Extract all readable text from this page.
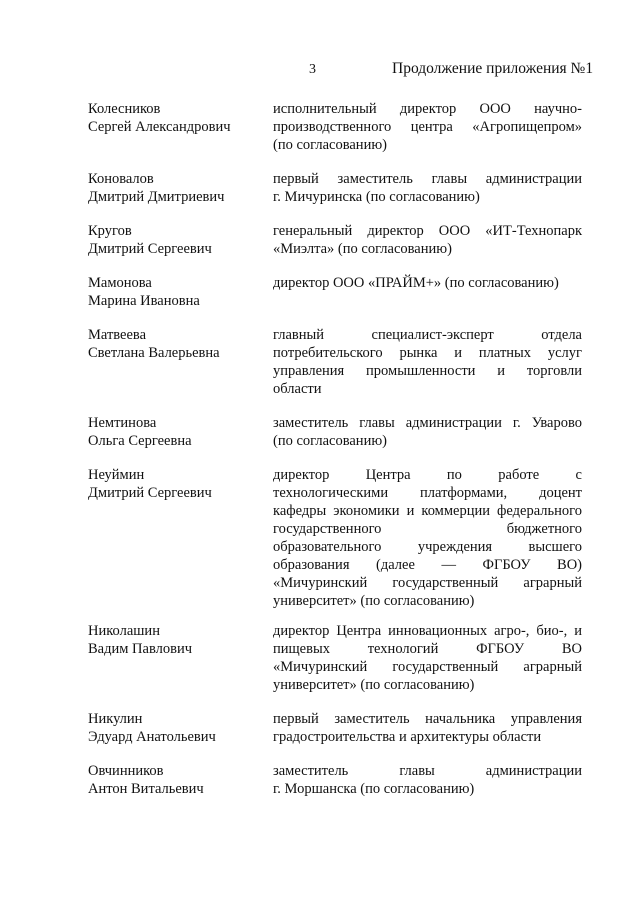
3	Продолжение приложения №1
Колесников
Сергей Александрович
исполнительный директор ООО научно-
производственного центра «Агропищепром»
(по согласованию)
Коновалов
Дмитрий Дмитриевич
первый заместитель главы администрации
г. Мичуринска (по согласованию)
Кругов
Дмитрий Сергеевич
генеральный директор ООО «ИТ-Технопарк
«Миэлта» (по согласованию)
Мамонова
Марина Ивановна
директор ООО «ПРАЙМ+» (по согласованию)
Матвеева
Светлана Валерьевна
главный специалист-эксперт отдела
потребительского рынка и платных услуг
управления промышленности и торговли
области
Немтинова
Ольга Сергеевна
заместитель главы администрации г. Уварово
(по согласованию)
Неуймин
Дмитрий Сергеевич
директор Центра по работе с
технологическими платформами, доцент
кафедры экономики и коммерции федерального
государственного бюджетного
образовательного учреждения высшего
образования (далее — ФГБОУ ВО)
«Мичуринский государственный аграрный
университет» (по согласованию)
Николашин
Вадим Павлович
директор Центра инновационных агро-, био-, и
пищевых технологий ФГБОУ ВО
«Мичуринский государственный аграрный
университет» (по согласованию)
Никулин
Эдуард Анатольевич
первый заместитель начальника управления
градостроительства и архитектуры области
Овчинников
Антон Витальевич
заместитель главы администрации
г. Моршанска (по согласованию)
